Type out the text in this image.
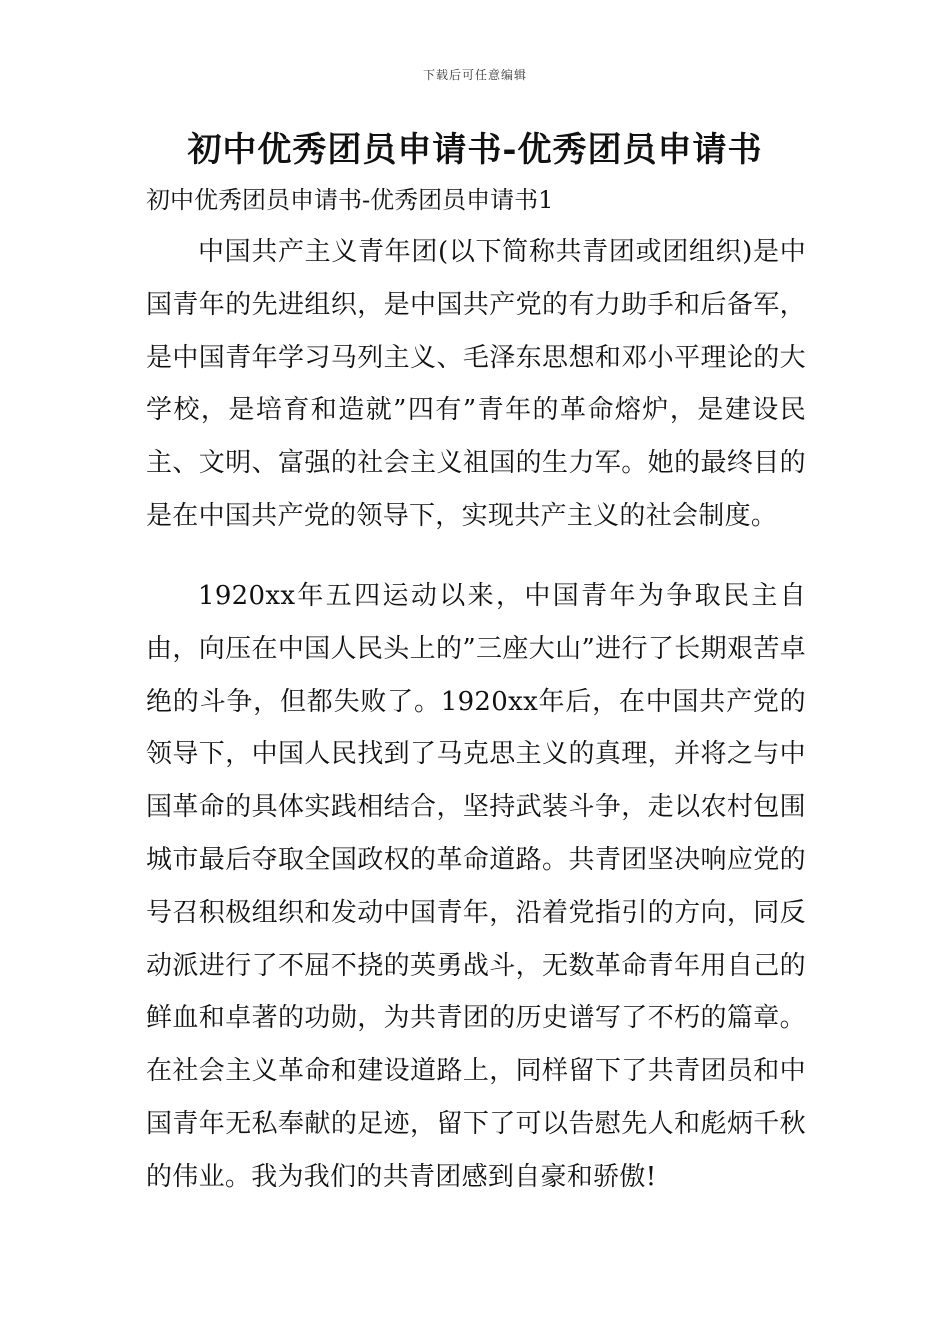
下载后可任意编辑
初中优秀团员申请书-优秀团员申请书
初中优秀团员申请书-优秀团员申请书1

中国共产主义青年团(以下简称共青团或团组织)是中国青年的先进组织，是中国共产党的有力助手和后备军，是中国青年学习马列主义、毛泽东思想和邓小平理论的大学校，是培育和造就”四有”青年的革命熔炉，是建设民主、文明、富强的社会主义祖国的生力军。她的最终目的是在中国共产党的领导下，实现共产主义的社会制度。

1920xx年五四运动以来，中国青年为争取民主自由，向压在中国人民头上的”三座大山”进行了长期艰苦卓绝的斗争，但都失败了。1920xx年后，在中国共产党的领导下，中国人民找到了马克思主义的真理，并将之与中国革命的具体实践相结合，坚持武装斗争，走以农村包围城市最后夺取全国政权的革命道路。共青团坚决响应党的号召积极组织和发动中国青年，沿着党指引的方向，同反动派进行了不屈不挠的英勇战斗，无数革命青年用自己的鲜血和卓著的功勋，为共青团的历史谱写了不朽的篇章。在社会主义革命和建设道路上，同样留下了共青团员和中国青年无私奉献的足迹，留下了可以告慰先人和彪炳千秋的伟业。我为我们的共青团感到自豪和骄傲!
